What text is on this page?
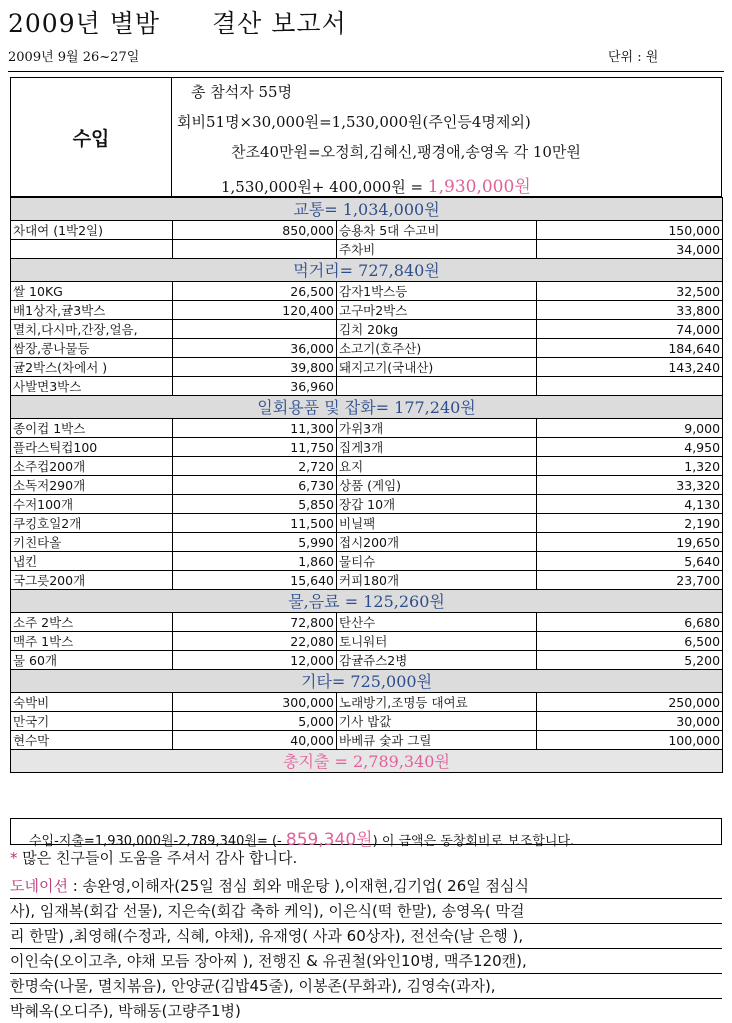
2009년 별밤 결산 보고서
2009년 9월 26~27일	단위 : 원
수입
총 참석자 55명
회비51명×30,000원=1,530,000원(주인등4명제외)
찬조40만원=오정희,김혜신,팽경애,송영옥 각 10만원
1,530,000원+ 400,000원 = 1,930,000원
교통= 1,034,000원			
차대여 (1박2일)	850,000	승용차 5대 수고비	150,000
		주차비	34,000
먹거리= 727,840원			
쌀 10KG	26,500	감자1박스등	32,500
배1상자,귤3박스	120,400	고구마2박스	33,800
멸치,다시마,간장,얼음,		김치 20kg	74,000
쌈장,콩나물등	36,000	소고기(호주산)	184,640
귤2박스(차에서 )	39,800	돼지고기(국내산)	143,240
사발면3박스	36,960		
일회용품 및 잡화= 177,240원			
종이컵 1박스	11,300	가위3개	9,000
플라스틱컵100	11,750	집게3개	4,950
소주컵200개	2,720	요지	1,320
소독저290개	6,730	상품 (게임)	33,320
수저100개	5,850	장갑 10개	4,130
쿠킹호일2개	11,500	비닐팩	2,190
키친타올	5,990	접시200개	19,650
냅킨	1,860	물티슈	5,640
국그릇200개	15,640	커피180개	23,700
물,음료 = 125,260원			
소주 2박스	72,800	탄산수	6,680
맥주 1박스	22,080	토니워터	6,500
물 60개	12,000	감귤쥬스2병	5,200
기타= 725,000원			
숙박비	300,000	노래방기,조명등 대여료	250,000
만국기	5,000	기사 밥값	30,000
현수막	40,000	바베큐 숯과 그릴	100,000
총지출 = 2,789,340원			
수입-지출=1,930,000원-2,789,340원= (- 859,340원) 이 금액은 동창회비로 보조합니다.
* 많은 친구들이 도움을 주셔서 감사 합니다.
도네이션 : 송완영,이해자(25일 점심 회와 매운탕 ),이재현,김기업( 26일 점심식
사), 임재복(회갑 선물), 지은숙(회갑 축하 케익), 이은식(떡 한말), 송영옥( 막걸
리 한말) ,최영해(수정과, 식혜, 야채), 유재영( 사과 60상자), 전선숙(날 은행 ),
이인숙(오이고추, 야채 모듬 장아찌 ), 전행진 & 유권철(와인10병, 맥주120캔),
한명숙(나물, 멸치볶음), 안양균(김밥45줄), 이봉존(무화과), 김영숙(과자),
박혜옥(오디주), 박해동(고량주1병)
